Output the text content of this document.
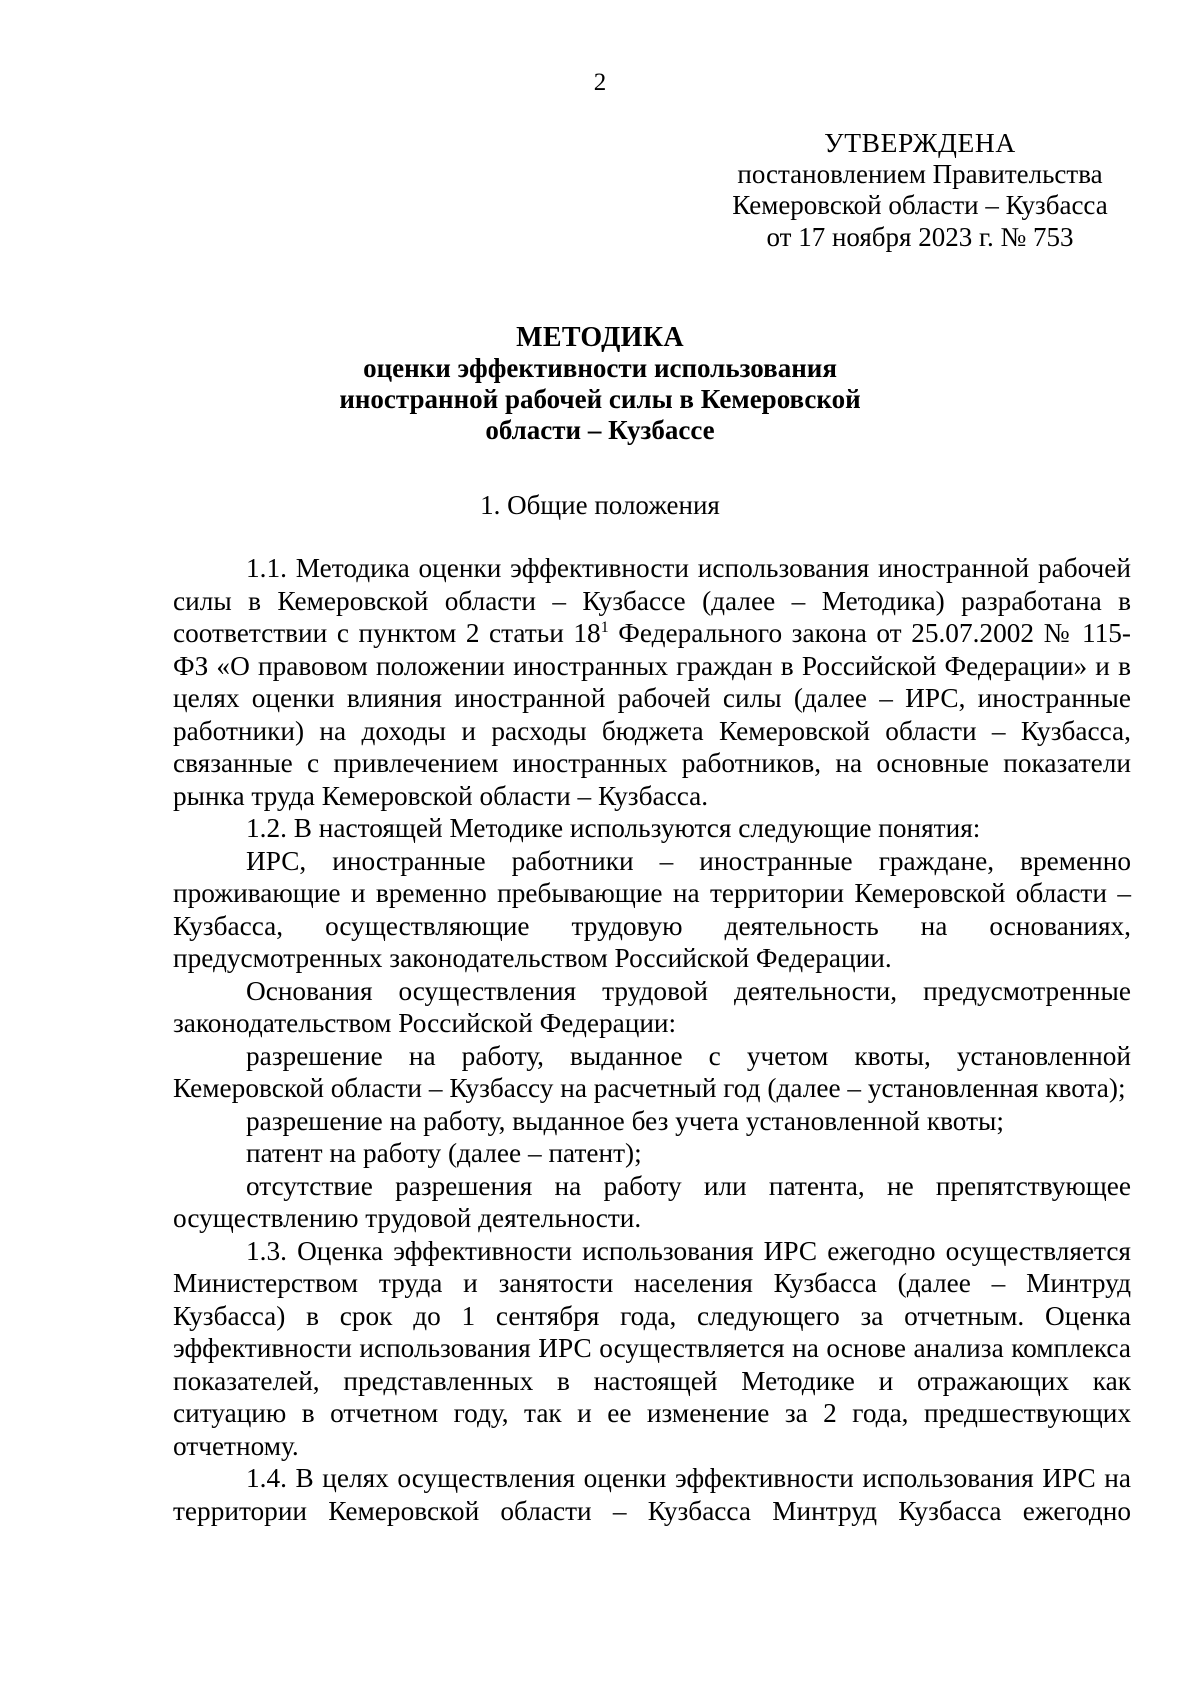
2
УТВЕРЖДЕНА
постановлением Правительства
Кемеровской области – Кузбасса
от 17 ноября 2023 г. № 753
МЕТОДИКА
оценки эффективности использования
иностранной рабочей силы в Кемеровской
области – Кузбассе
1. Общие положения

1.1. Методика оценки эффективности использования иностранной рабочей силы в Кемеровской области – Кузбассе (далее – Методика) разработана в соответствии с пунктом 2 статьи $18^1$ Федерального закона от 25.07.2002 № 115-ФЗ «О правовом положении иностранных граждан в Российской Федерации» и в целях оценки влияния иностранной рабочей силы (далее – ИРС, иностранные работники) на доходы и расходы бюджета Кемеровской области – Кузбасса, связанные с привлечением иностранных работников, на основные показатели рынка труда Кемеровской области – Кузбасса.

1.2. В настоящей Методике используются следующие понятия:

ИРС, иностранные работники – иностранные граждане, временно проживающие и временно пребывающие на территории Кемеровской области – Кузбасса, осуществляющие трудовую деятельность на основаниях, предусмотренных законодательством Российской Федерации.

Основания осуществления трудовой деятельности, предусмотренные законодательством Российской Федерации:

разрешение на работу, выданное с учетом квоты, установленной Кемеровской области – Кузбассу на расчетный год (далее – установленная квота);

разрешение на работу, выданное без учета установленной квоты;

патент на работу (далее – патент);

отсутствие разрешения на работу или патента, не препятствующее осуществлению трудовой деятельности.

1.3. Оценка эффективности использования ИРС ежегодно осуществляется Министерством труда и занятости населения Кузбасса (далее – Минтруд Кузбасса) в срок до 1 сентября года, следующего за отчетным. Оценка эффективности использования ИРС осуществляется на основе анализа комплекса показателей, представленных в настоящей Методике и отражающих как ситуацию в отчетном году, так и ее изменение за 2 года, предшествующих отчетному.

1.4. В целях осуществления оценки эффективности использования ИРС на территории Кемеровской области – Кузбасса Минтруд Кузбасса ежегодно
